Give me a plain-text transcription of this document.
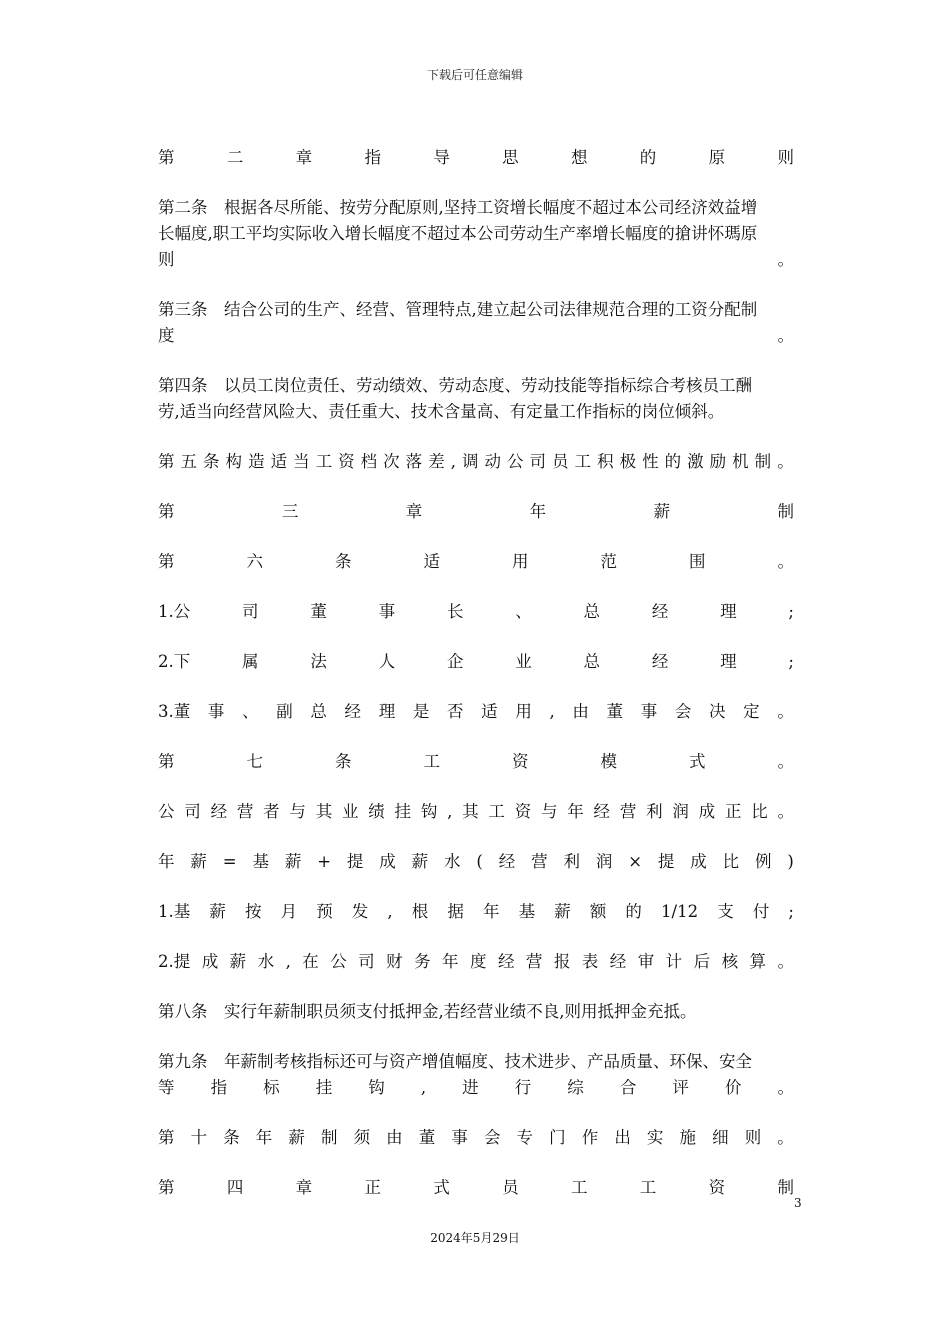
下载后可任意编辑
第	二	章	指	导	思	想	的	原	则
第二条　根据各尽所能、按劳分配原则,坚持工资增长幅度不超过本公司经济效益增
长幅度,职工平均实际收入增长幅度不超过本公司劳动生产率增长幅度的搶讲怀瑪原
则	。
第三条　结合公司的生产、经营、管理特点,建立起公司法律规范合理的工资分配制
度	。
第四条　以员工岗位责任、劳动绩效、劳动态度、劳动技能等指标综合考核员工酬
劳,适当向经营风险大、责任重大、技术含量高、有定量工作指标的岗位倾斜。
第 五 条 构 造 适 当 工 资 档 次 落 差 , 调 动 公 司 员 工 积 极 性 的 激 励 机 制 。
第	三	章	年	薪	制
第	六	条	适	用	范	围	。
1.公	司	董	事	长	、	总	经	理	;
2.下	属	法	人	企	业	总	经	理	;
3.董 事 、 副 总 经 理 是 否 适 用 , 由 董 事 会 决 定 。
第	七	条	工	资	模	式	。
公 司 经 营 者 与 其 业 绩 挂 钩 , 其 工 资 与 年 经 营 利 润 成 正 比 。
年 薪 = 基 薪 + 提 成 薪 水 ( 经 营 利 润 × 提 成 比 例 )
1.基 薪 按 月 预 发 , 根 据 年 基 薪 额 的 1/12 支 付 ;
2.提 成 薪 水 , 在 公 司 财 务 年 度 经 营 报 表 经 审 计 后 核 算 。
第八条　实行年薪制职员须支付抵押金,若经营业绩不良,则用抵押金充抵。
第九条　年薪制考核指标还可与资产增值幅度、技术进步、产品质量、环保、安全
等 指 标 挂 钩 , 进 行 综 合 评 价 。
第 十 条 年 薪 制 须 由 董 事 会 专 门 作 出 实 施 细 则 。
第	四	章	正	式	员	工	工	资	制
3
2024年5月29日
